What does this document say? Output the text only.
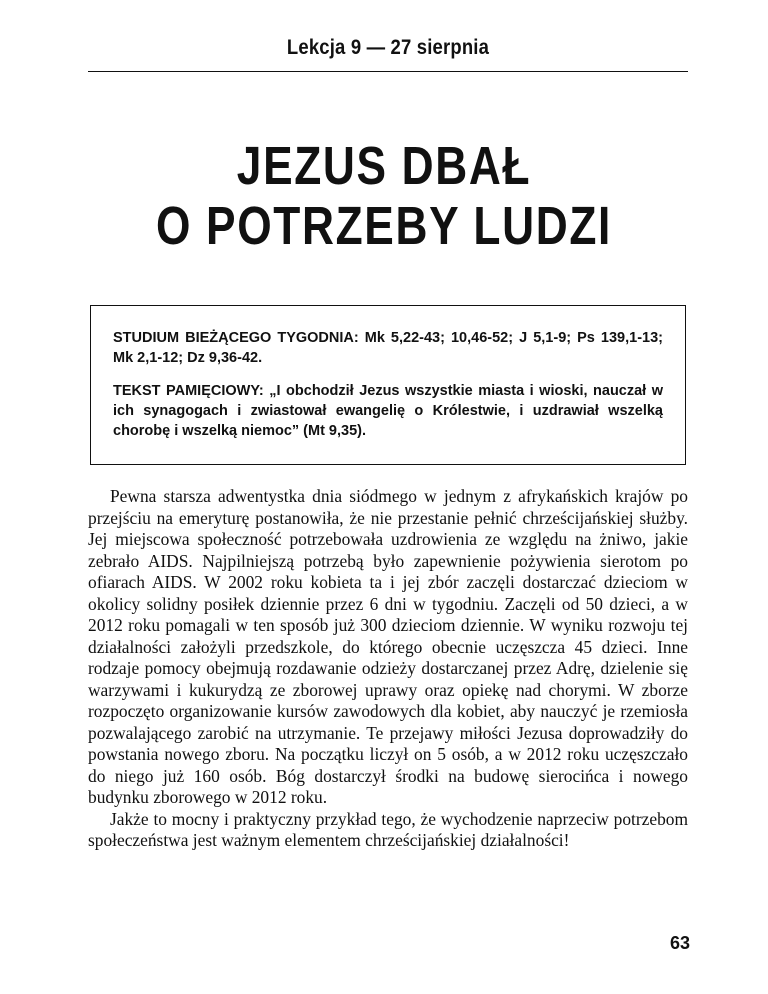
Lekcja 9 — 27 sierpnia
JEZUS DBAŁ
O POTRZEBY LUDZI

STUDIUM BIEŻĄCEGO TYGODNIA: Mk 5,22-43; 10,46-52; J 5,1-9; Ps 139,1-13; Mk 2,1-12; Dz 9,36-42.

TEKST PAMIĘCIOWY: „I obchodził Jezus wszystkie miasta i wioski, nauczał w ich synagogach i zwiastował ewangelię o Królestwie, i uzdrawiał wszelką chorobę i wszelką niemoc” (Mt 9,35).

Pewna starsza adwentystka dnia siódmego w jednym z afrykańskich krajów po przejściu na emeryturę postanowiła, że nie przestanie pełnić chrześcijańskiej służby. Jej miejscowa społeczność potrzebowała uzdrowienia ze względu na żniwo, jakie zebrało AIDS. Najpilniejszą potrzebą było zapewnienie pożywienia sierotom po ofiarach AIDS. W 2002 roku kobieta ta i jej zbór zaczęli dostarczać dzieciom w okolicy solidny posiłek dziennie przez 6 dni w tygodniu. Zaczęli od 50 dzieci, a w 2012 roku pomagali w ten sposób już 300 dzieciom dziennie. W wyniku rozwoju tej działalności założyli przedszkole, do którego obecnie uczęszcza 45 dzieci. Inne rodzaje pomocy obejmują rozdawanie odzieży dostarczanej przez Adrę, dzielenie się warzywami i kukurydzą ze zborowej uprawy oraz opiekę nad chorymi. W zborze rozpoczęto organizowanie kursów zawodowych dla kobiet, aby nauczyć je rzemiosła pozwalającego zarobić na utrzymanie. Te przejawy miłości Jezusa doprowadziły do powstania nowego zboru. Na początku liczył on 5 osób, a w 2012 roku uczęszczało do niego już 160 osób. Bóg dostarczył środki na budowę sierocińca i nowego budynku zborowego w 2012 roku.

Jakże to mocny i praktyczny przykład tego, że wychodzenie naprzeciw potrzebom społeczeństwa jest ważnym elementem chrześcijańskiej działalności!

63
